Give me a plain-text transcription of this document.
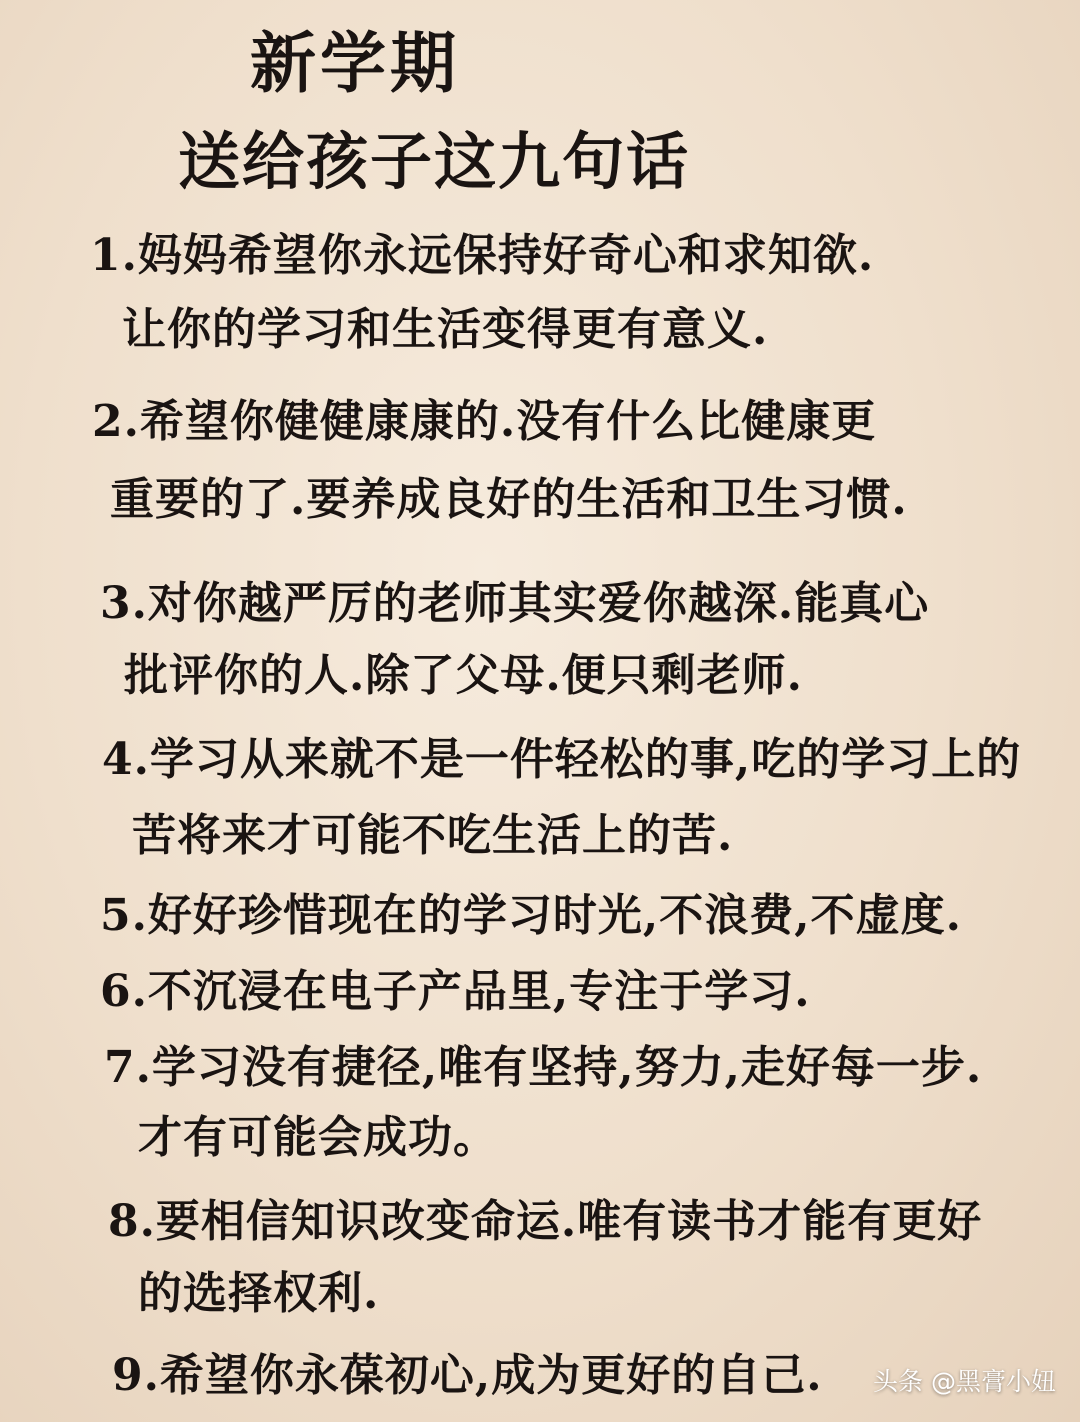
新学期
送给孩子这九句话
1.妈妈希望你永远保持好奇心和求知欲.
让你的学习和生活变得更有意义.
2.希望你健健康康的.没有什么比健康更
重要的了.要养成良好的生活和卫生习惯.
3.对你越严厉的老师其实爱你越深.能真心
批评你的人.除了父母.便只剩老师.
4.学习从来就不是一件轻松的事,吃的学习上的
苦将来才可能不吃生活上的苦.
5.好好珍惜现在的学习时光,不浪费,不虚度.
6.不沉浸在电子产品里,专注于学习.
7.学习没有捷径,唯有坚持,努力,走好每一步.
才有可能会成功。
8.要相信知识改变命运.唯有读书才能有更好
的选择权利.
9.希望你永葆初心,成为更好的自己. 头条 @黑膏小妞
